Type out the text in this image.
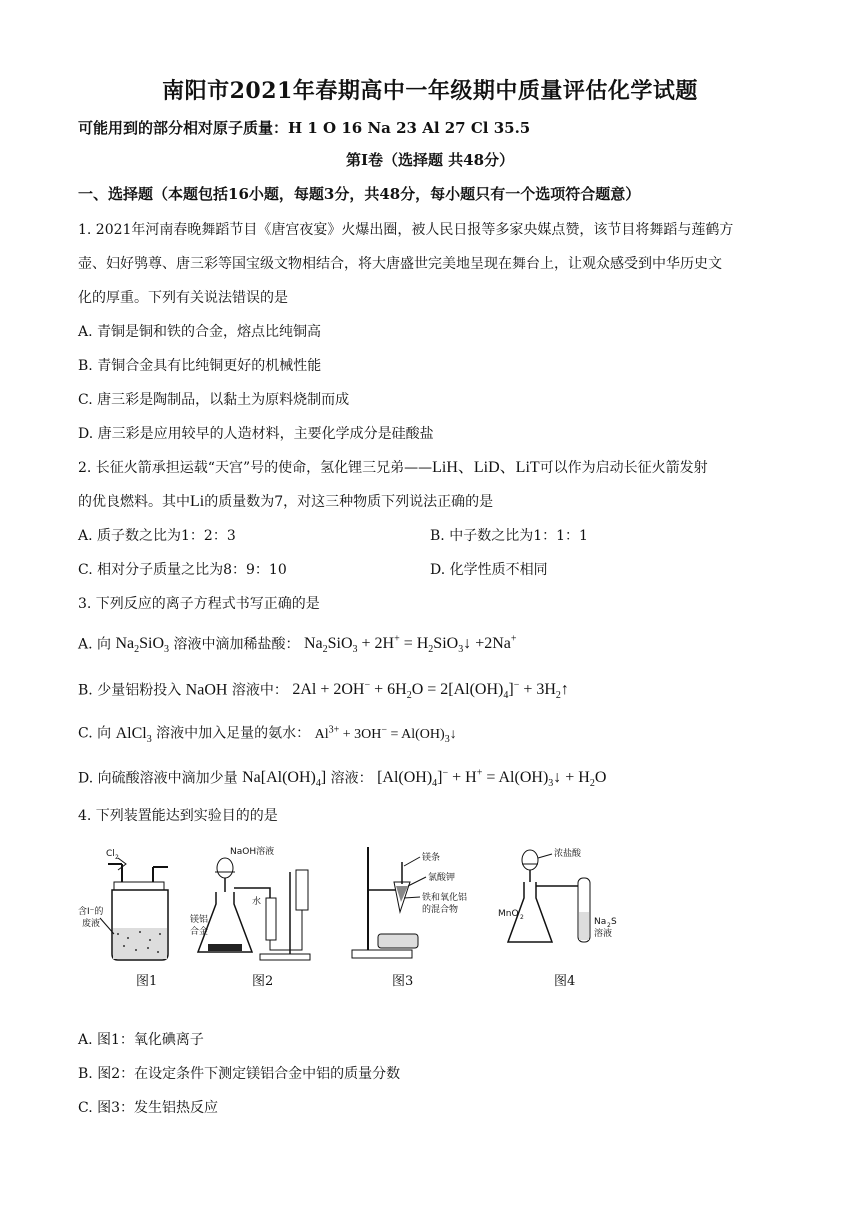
南阳市2021年春期高中一年级期中质量评估化学试题
可能用到的部分相对原子质量：H 1 O 16 Na 23 Al 27 Cl 35.5
第Ⅰ卷（选择题 共48分）
一、选择题（本题包括16小题，每题3分，共48分，每小题只有一个选项符合题意）
1. 2021年河南春晚舞蹈节目《唐宫夜宴》火爆出圈，被人民日报等多家央媒点赞，该节目将舞蹈与莲鹤方
壶、妇好鸮尊、唐三彩等国宝级文物相结合，将大唐盛世完美地呈现在舞台上，让观众感受到中华历史文
化的厚重。下列有关说法错误的是
A. 青铜是铜和铁的合金，熔点比纯铜高
B. 青铜合金具有比纯铜更好的机械性能
C. 唐三彩是陶制品，以黏土为原料烧制而成
D. 唐三彩是应用较早的人造材料，主要化学成分是硅酸盐
2. 长征火箭承担运载“天宫”号的使命，氢化锂三兄弟——LiH、LiD、LiT可以作为启动长征火箭发射
的优良燃料。其中Li的质量数为7，对这三种物质下列说法正确的是
A. 质子数之比为1：2：3	B. 中子数之比为1：1：1
C. 相对分子质量之比为8：9：10	D. 化学性质不相同
3. 下列反应的离子方程式书写正确的是
A. 向 $Na_2SiO_3$ 溶液中滴加稀盐酸： $Na_2SiO_3 + 2H^+$ = $H_2SiO_3↓ +2Na^+$
B. 少量铝粉投入 NaOH 溶液中： $2Al + 2OH^- + 6H_2O = 2[Al(OH)_4]^-$ + $3H_2↑$
C. 向 AlCl$_3$ 溶液中加入足量的氨水： $Al^{3+} + 3OH^-$ = $Al(OH)_3↓$
D. 向硫酸溶液中滴加少量 $Na[Al(OH)_4]$ 溶液： $[Al(OH)_4]^- + H^+$ = $Al(OH)_3↓ + H_2O$
4. 下列装置能达到实验目的的是
Cl 2
含I⁻的
废液
图1
NaOH溶液
镁铝
合金
水
图2
镁条
氯酸钾
铁和氧化铝
的混合物
图3
浓盐酸
MnO 2	Na 2 S
溶液
图4
A. 图1：氧化碘离子
B. 图2：在设定条件下测定镁铝合金中铝的质量分数
C. 图3：发生铝热反应
